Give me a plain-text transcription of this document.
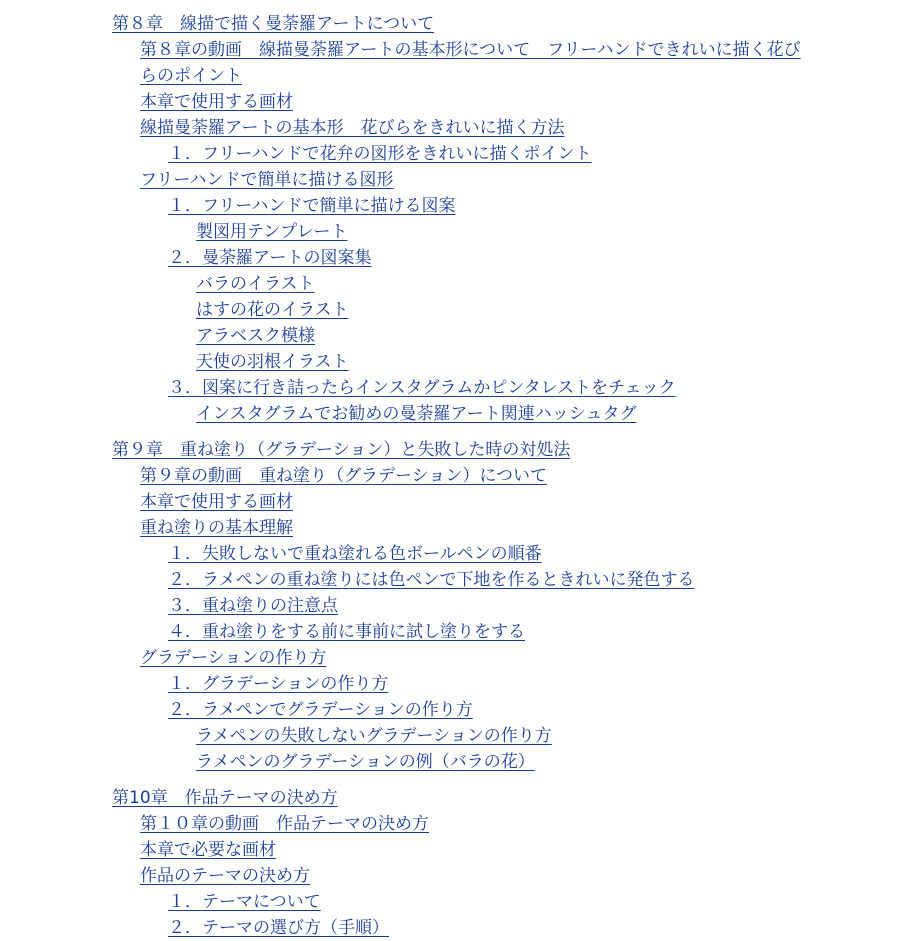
第８章　線描で描く曼荼羅アートについて
第８章の動画　線描曼荼羅アートの基本形について　フリーハンドできれいに描く花びらのポイント
本章で使用する画材
線描曼荼羅アートの基本形　花びらをきれいに描く方法
１．フリーハンドで花弁の図形をきれいに描くポイント
フリーハンドで簡単に描ける図形
１．フリーハンドで簡単に描ける図案
製図用テンプレート
２．曼荼羅アートの図案集
バラのイラスト
はすの花のイラスト
アラベスク模様
天使の羽根イラスト
３．図案に行き詰ったらインスタグラムかピンタレストをチェック
インスタグラムでお勧めの曼荼羅アート関連ハッシュタグ
第９章　重ね塗り（グラデーション）と失敗した時の対処法
第９章の動画　重ね塗り（グラデーション）について
本章で使用する画材
重ね塗りの基本理解
１．失敗しないで重ね塗れる色ボールペンの順番
２．ラメペンの重ね塗りには色ペンで下地を作るときれいに発色する
３．重ね塗りの注意点
４．重ね塗りをする前に事前に試し塗りをする
グラデーションの作り方
１．グラデーションの作り方
２．ラメペンでグラデーションの作り方
ラメペンの失敗しないグラデーションの作り方
ラメペンのグラデーションの例（バラの花）
第10章　作品テーマの決め方
第１０章の動画　作品テーマの決め方
本章で必要な画材
作品のテーマの決め方
１．テーマについて
２．テーマの選び方（手順）
